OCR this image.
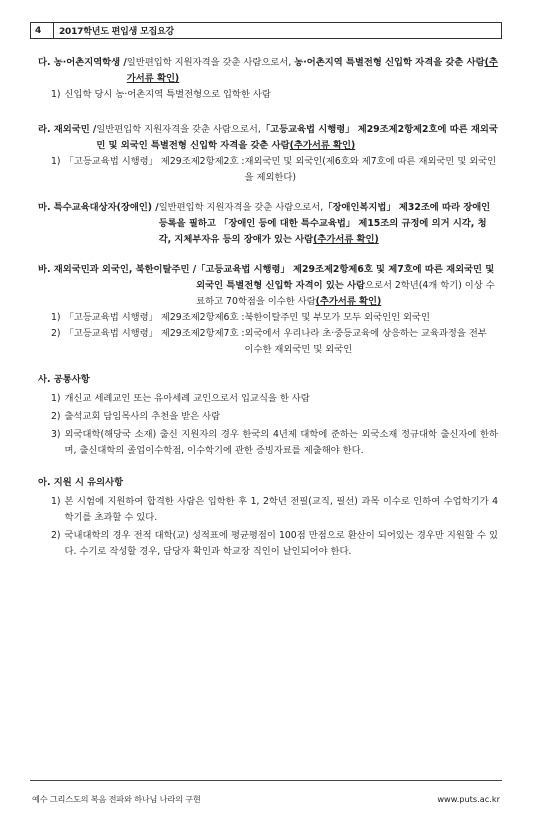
4	2017학년도 편입생 모집요강
다. 농·어촌지역학생 / 일반편입학 지원자격을 갖춘 사람으로서, 농·어촌지역 특별전형 신입학 자격을 갖춘 사람(추가서류 확인)
1) 신입학 당시 농·어촌지역 특별전형으로 입학한 사람
라. 재외국민 / 일반편입학 지원자격을 갖춘 사람으로서,「고등교육법 시행령」 제29조제2항제2호에 따른 재외국민 및 외국인 특별전형 신입학 자격을 갖춘 사람(추가서류 확인)
1) 「고등교육법 시행령」 제29조제2항제2호 : 재외국민 및 외국인(제6호와 제7호에 따른 재외국민 및 외국인을 제외한다)
마. 특수교육대상자(장애인) / 일반편입학 지원자격을 갖춘 사람으로서,「장애인복지법」 제32조에 따라 장애인 등록을 필하고 「장애인 등에 대한 특수교육법」 제15조의 규정에 의거 시각, 청각, 지체부자유 등의 장애가 있는 사람(추가서류 확인)
바. 재외국민과 외국인, 북한이탈주민 / 「고등교육법 시행령」 제29조제2항제6호 및 제7호에 따른 재외국민 및 외국인 특별전형 신입학 자격이 있는 사람으로서 2학년(4개 학기) 이상 수료하고 70학점을 이수한 사람(추가서류 확인)
1) 「고등교육법 시행령」 제29조제2항제6호 : 북한이탈주민 및 부모가 모두 외국인인 외국인
2) 「고등교육법 시행령」 제29조제2항제7호 : 외국에서 우리나라 초·중등교육에 상응하는 교육과정을 전부 이수한 재외국민 및 외국인
사. 공통사항
1) 개신교 세례교인 또는 유아세례 교인으로서 입교식을 한 사람
2) 출석교회 담임목사의 추천을 받은 사람
3) 외국대학(해당국 소재) 출신 지원자의 경우 한국의 4년제 대학에 준하는 외국소재 정규대학 출신자에 한하며, 출신대학의 졸업이수학점, 이수학기에 관한 증빙자료를 제출해야 한다.
아. 지원 시 유의사항
1) 본 시험에 지원하여 합격한 사람은 입학한 후 1, 2학년 전필(교직, 필선) 과목 이수로 인하여 수업학기가 4학기를 초과할 수 있다.
2) 국내대학의 경우 전적 대학(교) 성적표에 평균평점이 100점 만점으로 환산이 되어있는 경우만 지원할 수 있다. 수기로 작성할 경우, 담당자 확인과 학교장 직인이 날인되어야 한다.
예수 그리스도의 복음 전파와 하나님 나라의 구현	www.puts.ac.kr
